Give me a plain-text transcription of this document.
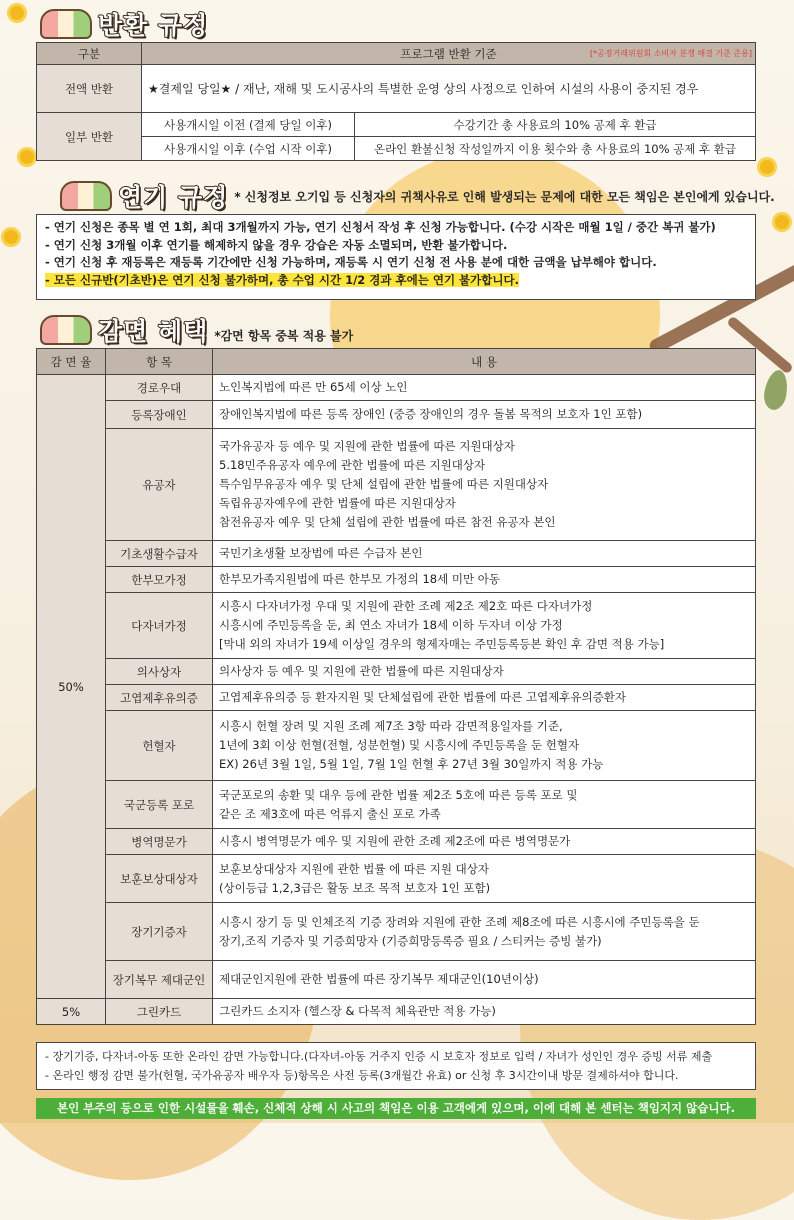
반환 규정
구분	프로그램 반환 기준 [*공정거래위원회 소비자 분쟁 해결 기준 준용]	

전액 반환	★결제일 당일★ / 재난, 재해 및 도시공사의 특별한 운영 상의 사정으로 인하여 시설의 사용이 중지된 경우	
일부 반환	사용개시일 이전 (결제 당일 이후)	수강기간 총 사용료의 10% 공제 후 환급
	사용개시일 이후 (수업 시작 이후)	온라인 환불신청 작성일까지 이용 횟수와 총 사용료의 10% 공제 후 환급
연기 규정 * 신청정보 오기입 등 신청자의 귀책사유로 인해 발생되는 문제에 대한 모든 책임은 본인에게 있습니다.
- 연기 신청은 종목 별 연 1회, 최대 3개월까지 가능, 연기 신청서 작성 후 신청 가능합니다. (수강 시작은 매월 1일 / 중간 복귀 불가)
- 연기 신청 3개월 이후 연기를 해제하지 않을 경우 강습은 자동 소멸되며, 반환 불가합니다.
- 연기 신청 후 재등록은 재등록 기간에만 신청 가능하며, 재등록 시 연기 신청 전 사용 분에 대한 금액을 납부해야 합니다.
- 모든 신규반(기초반)은 연기 신청 불가하며, 총 수업 시간 1/2 경과 후에는 연기 불가합니다.
감면 혜택 *감면 항목 중복 적용 불가
감 면 율	항 목	내 용
50%	경로우대	노인복지법에 따른 만 65세 이상 노인

	등록장애인	장애인복지법에 따른 등록 장애인 (중증 장애인의 경우 돌봄 목적의 보호자 1인 포함)

	유공자	국가유공자 등 예우 및 지원에 관한 법률에 따른 지원대상자
5.18민주유공자 예우에 관한 법률에 따른 지원대상자
특수임무유공자 예우 및 단체 설립에 관한 법률에 따른 지원대상자
독립유공자예우에 관한 법률에 따른 지원대상자
참전유공자 예우 및 단체 설립에 관한 법률에 따른 참전 유공자 본인

	기초생활수급자	국민기초생활 보장법에 따른 수급자 본인

	한부모가정	한부모가족지원법에 따른 한부모 가정의 18세 미만 아동

	다자녀가정	시흥시 다자녀가정 우대 및 지원에 관한 조례 제2조 제2호 따른 다자녀가정
시흥시에 주민등록을 둔, 최 연소 자녀가 18세 이하 두자녀 이상 가정
[막내 외의 자녀가 19세 이상일 경우의 형제자매는 주민등록등본 확인 후 감면 적용 가능]

	의사상자	의사상자 등 예우 및 지원에 관한 법률에 따른 지원대상자

	고엽제후유의증	고엽제후유의증 등 환자지원 및 단체설립에 관한 법률에 따른 고엽제후유의증환자

	헌혈자	시흥시 헌혈 장려 및 지원 조례 제7조 3항 따라 감면적용일자를 기준,
1년에 3회 이상 헌혈(전혈, 성분헌혈) 및 시흥시에 주민등록을 둔 헌혈자
EX) 26년 3월 1일, 5월 1일, 7월 1일 헌혈 후 27년 3월 30일까지 적용 가능

	국군등록 포로	국군포로의 송환 및 대우 등에 관한 법률 제2조 5호에 따른 등록 포로 및
같은 조 제3호에 따른 억류지 출신 포로 가족

	병역명문가	시흥시 병역명문가 예우 및 지원에 관한 조례 제2조에 따른 병역명문가

	보훈보상대상자	보훈보상대상자 지원에 관한 법률 에 따른 지원 대상자
(상이등급 1,2,3급은 활동 보조 목적 보호자 1인 포함)

	장기기증자	시흥시 장기 등 및 인체조직 기증 장려와 지원에 관한 조례 제8조에 따른 시흥시에 주민등록을 둔
장기,조직 기증자 및 기증희망자 (기증희망등록증 필요 / 스티커는 증빙 불가)

	장기복무 제대군인	제대군인지원에 관한 법률에 따른 장기복무 제대군인(10년이상)

5%	그린카드	그린카드 소지자 (헬스장 & 다목적 체육관만 적용 가능)
- 장기기증, 다자녀-아동 또한 온라인 감면 가능합니다.(다자녀-아동 거주지 인증 시 보호자 정보로 입력 / 자녀가 성인인 경우 증빙 서류 제출
- 온라인 행정 감면 불가(헌혈, 국가유공자 배우자 등)항목은 사전 등록(3개월간 유효) or 신청 후 3시간이내 방문 결제하셔야 합니다.
본인 부주의 등으로 인한 시설물을 훼손, 신체적 상해 시 사고의 책임은 이용 고객에게 있으며, 이에 대해 본 센터는 책임지지 않습니다.
